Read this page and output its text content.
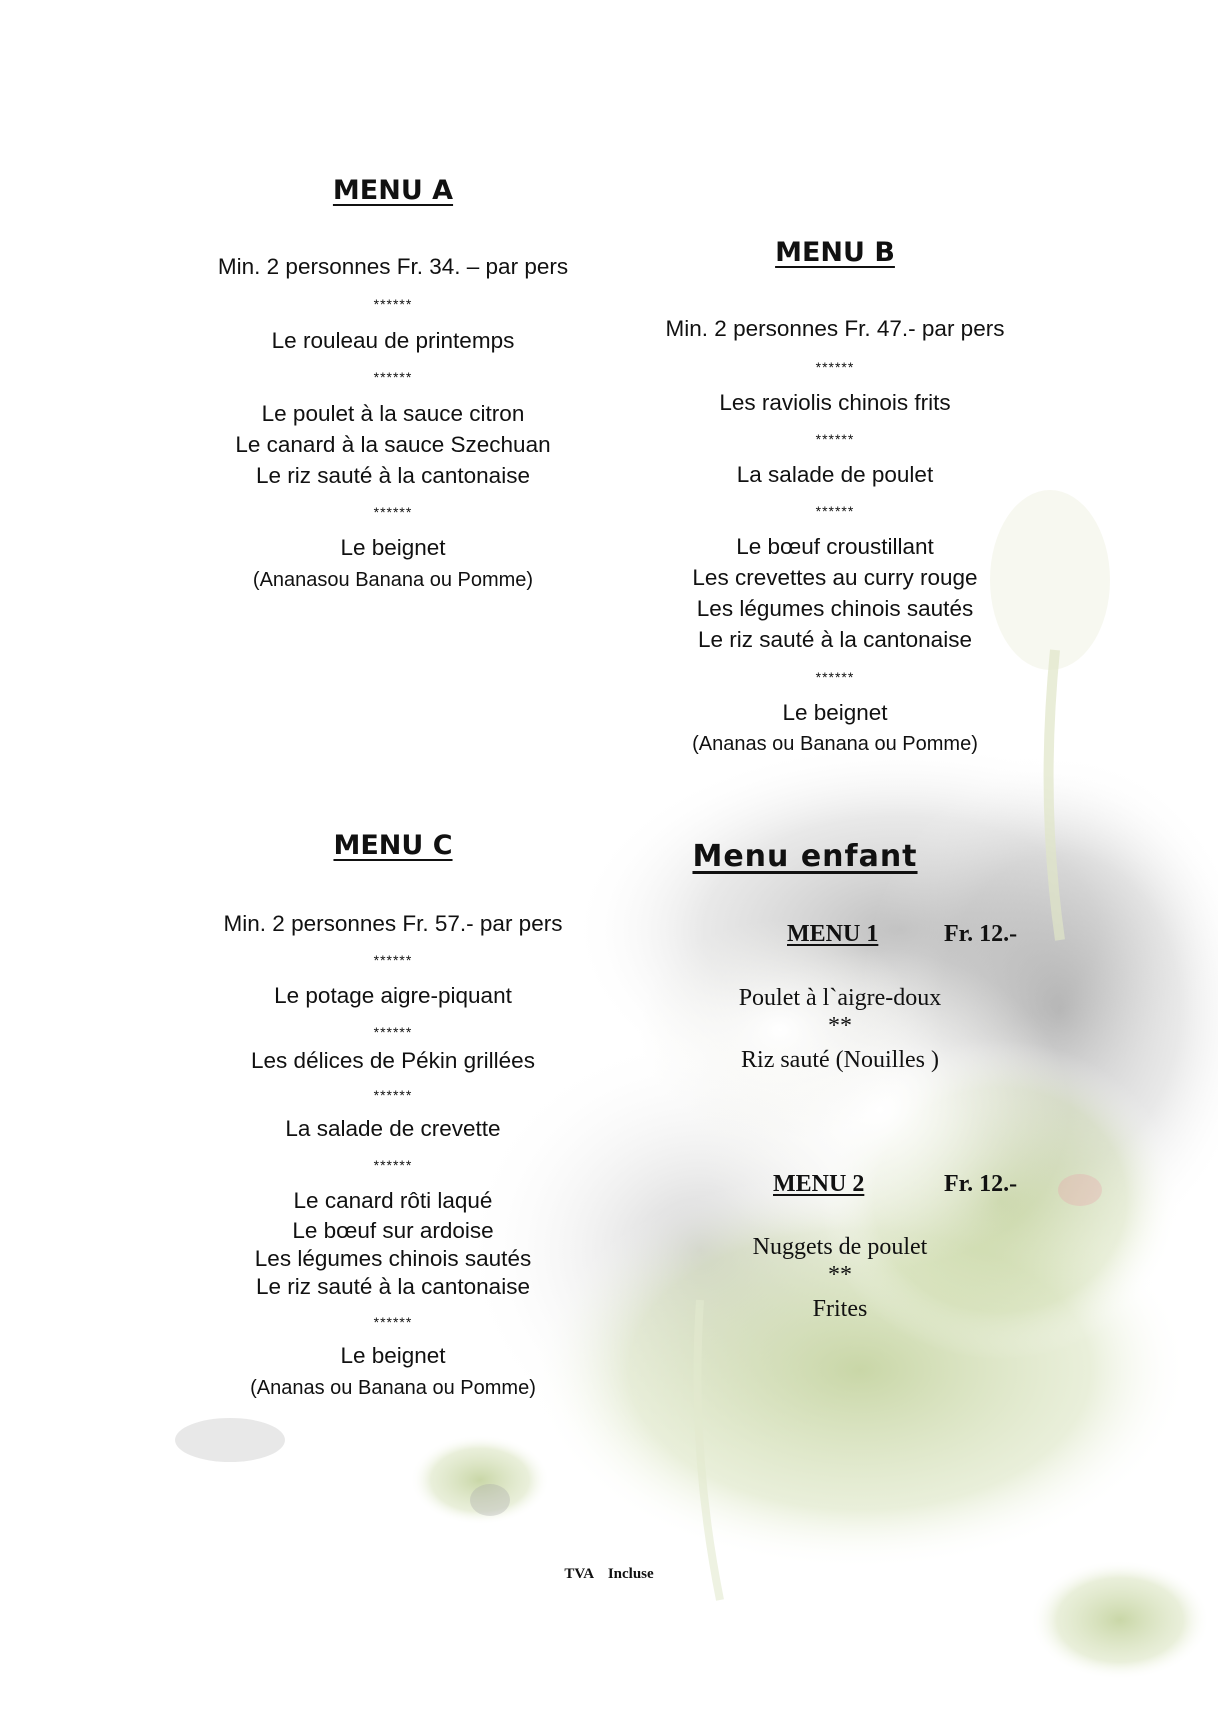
MENU A
Min. 2 personnes Fr. 34. – par pers
******
Le rouleau de printemps
******
Le poulet à la sauce citron
Le canard à la sauce Szechuan
Le riz sauté à la cantonaise
******
Le beignet
(Ananasou Banana ou Pomme)
MENU B
Min. 2 personnes Fr. 47.- par pers
******
Les raviolis chinois frits
******
La salade de poulet
******
Le bœuf croustillant
Les crevettes au curry rouge
Les légumes chinois sautés
Le riz sauté à la cantonaise
******
Le beignet
(Ananas ou Banana ou Pomme)
MENU C
Min. 2 personnes Fr. 57.- par pers
******
Le potage aigre-piquant
******
Les délices de Pékin grillées
******
La salade de crevette
******
Le canard rôti laqué
Le bœuf sur ardoise
Les légumes chinois sautés
Le riz sauté à la cantonaise
******
Le beignet
(Ananas ou Banana ou Pomme)
Menu enfant
MENU 1	Fr. 12.-
Poulet à l`aigre-doux
**
Riz sauté (Nouilles )
MENU 2	Fr. 12.-
Nuggets de poulet
**
Frites
TVA Incluse
